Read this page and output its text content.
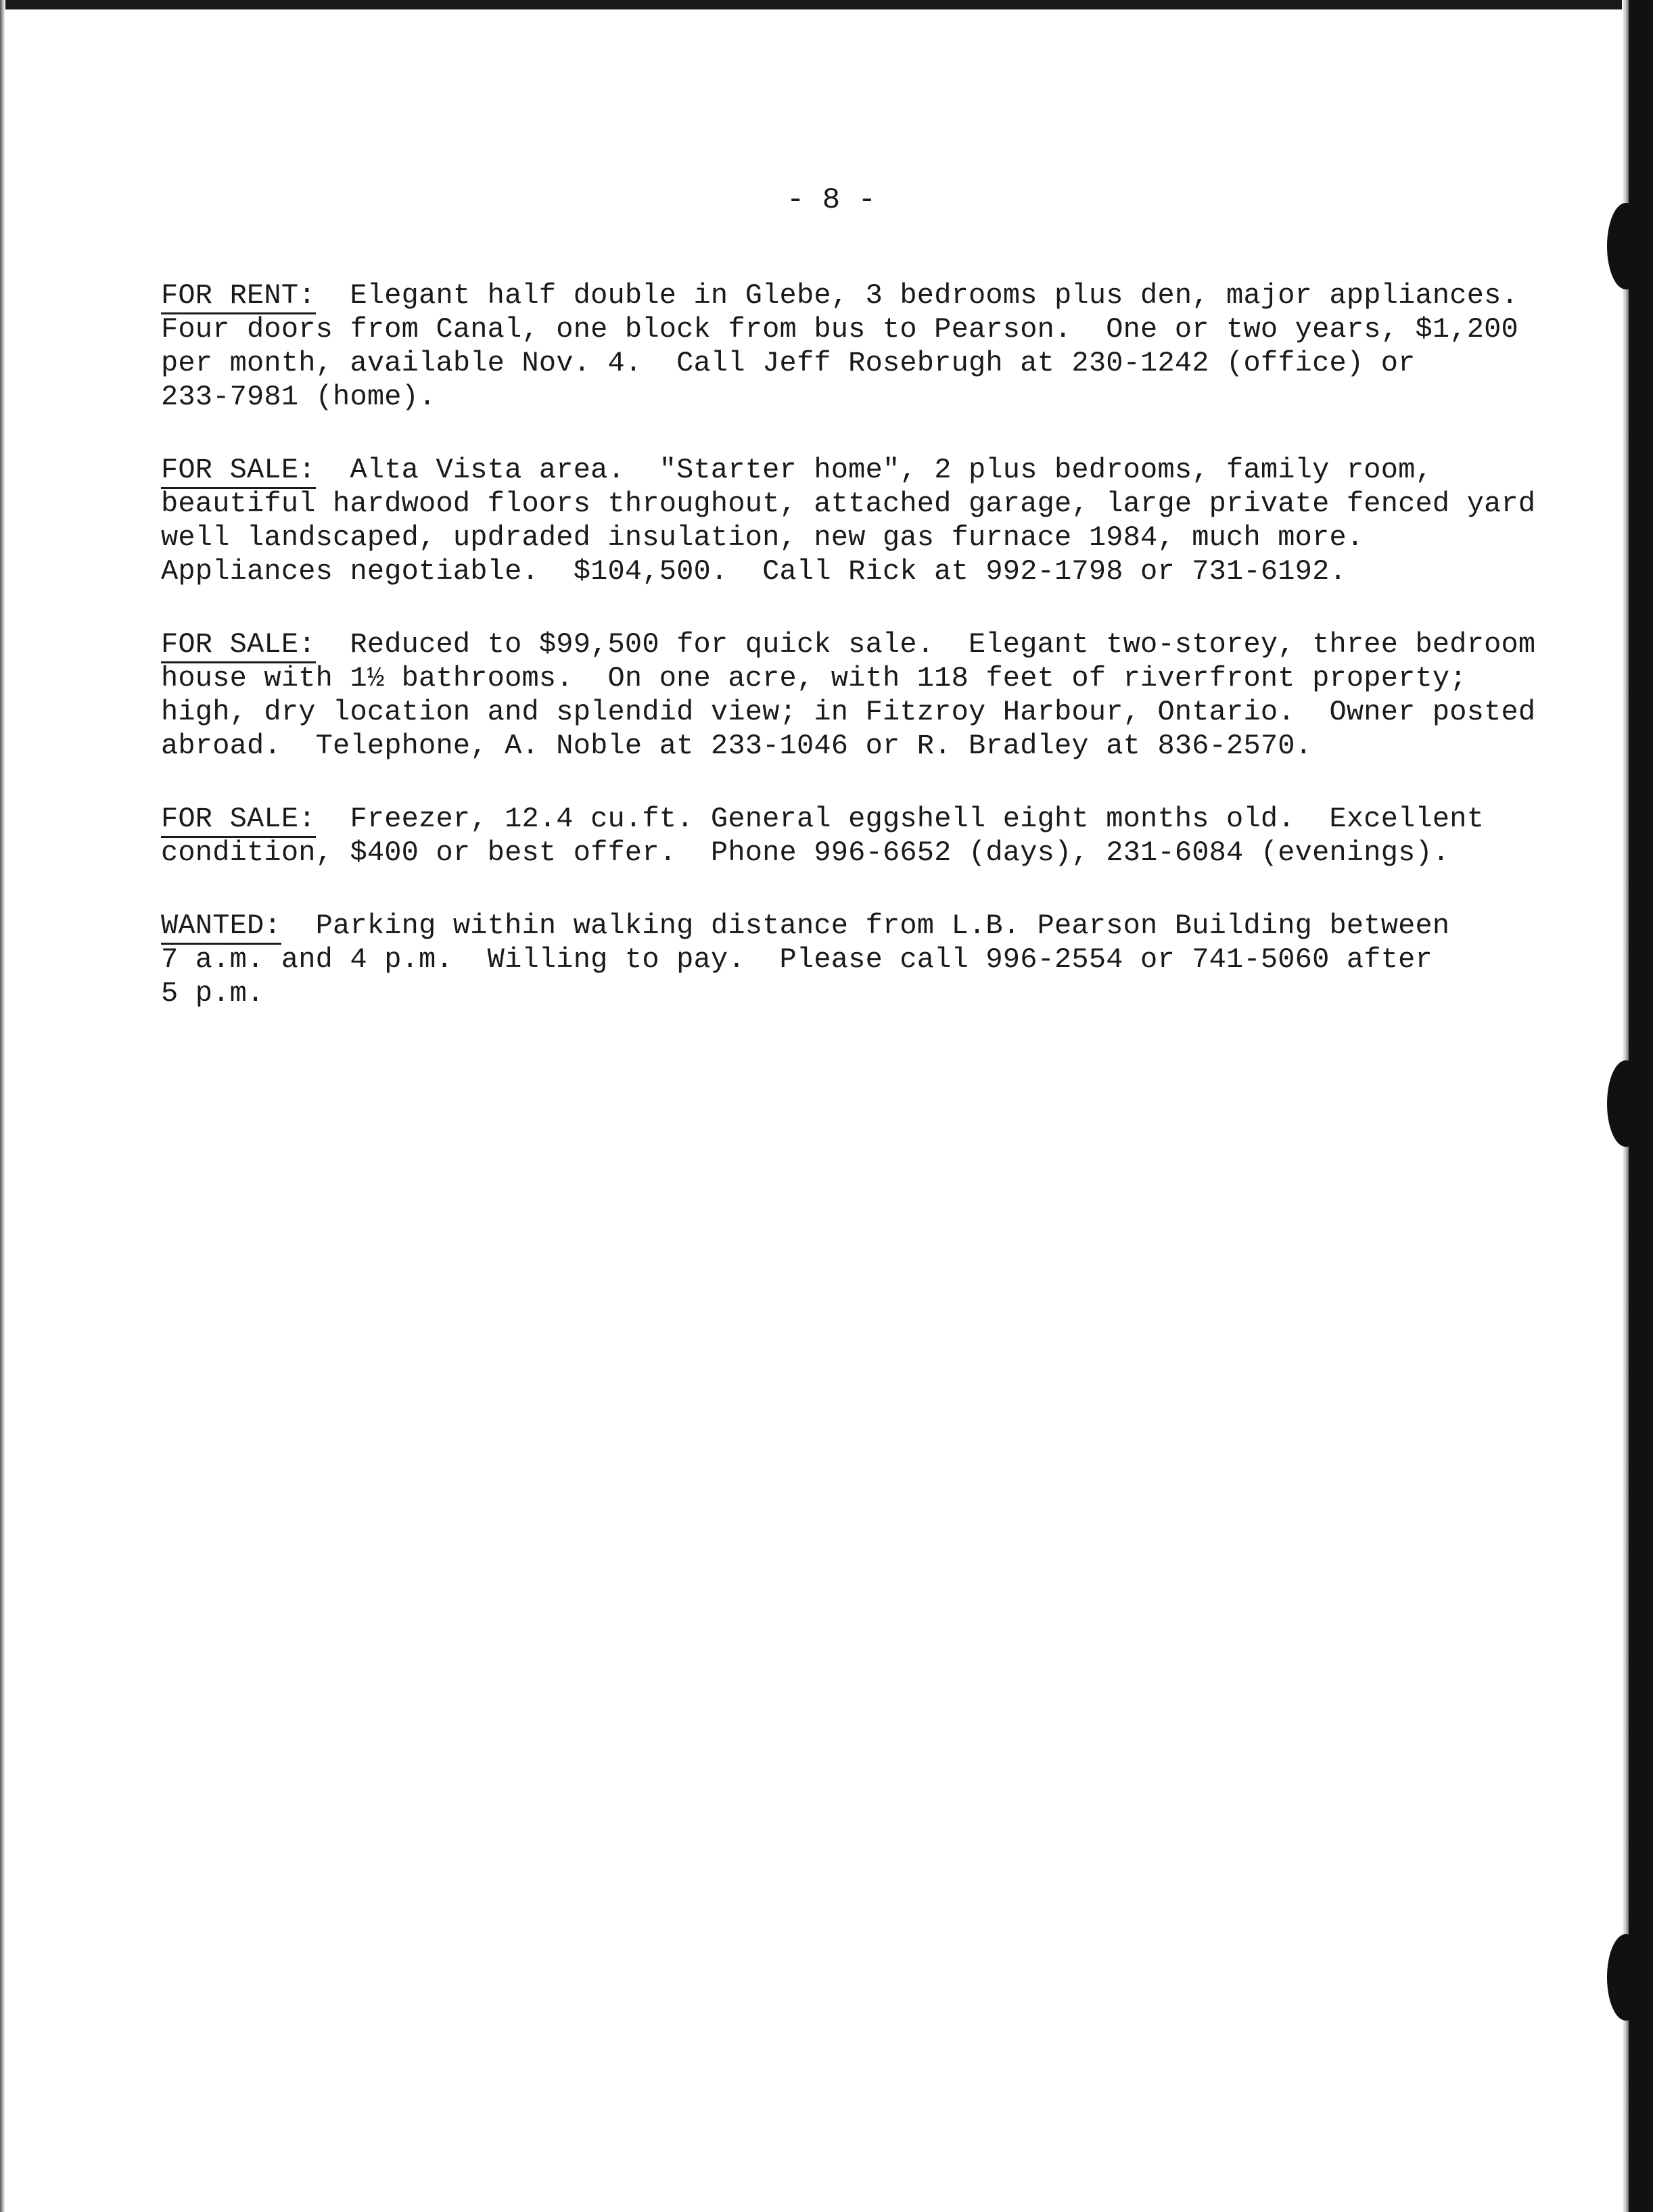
- 8 -

FOR RENT:  Elegant half double in Glebe, 3 bedrooms plus den, major appliances.

Four doors from Canal, one block from bus to Pearson.  One or two years, $1,200

per month, available Nov. 4.  Call Jeff Rosebrugh at 230-1242 (office) or

233-7981 (home).

FOR SALE:  Alta Vista area.  "Starter home", 2 plus bedrooms, family room,

beautiful hardwood floors throughout, attached garage, large private fenced yard

well landscaped, updraded insulation, new gas furnace 1984, much more.

Appliances negotiable.  $104,500.  Call Rick at 992-1798 or 731-6192.

FOR SALE:  Reduced to $99,500 for quick sale.  Elegant two-storey, three bedroom

house with 1½ bathrooms.  On one acre, with 118 feet of riverfront property;

high, dry location and splendid view; in Fitzroy Harbour, Ontario.  Owner posted

abroad.  Telephone, A. Noble at 233-1046 or R. Bradley at 836-2570.

FOR SALE:  Freezer, 12.4 cu.ft. General eggshell eight months old.  Excellent

condition, $400 or best offer.  Phone 996-6652 (days), 231-6084 (evenings).

WANTED:  Parking within walking distance from L.B. Pearson Building between

7 a.m. and 4 p.m.  Willing to pay.  Please call 996-2554 or 741-5060 after

5 p.m.
